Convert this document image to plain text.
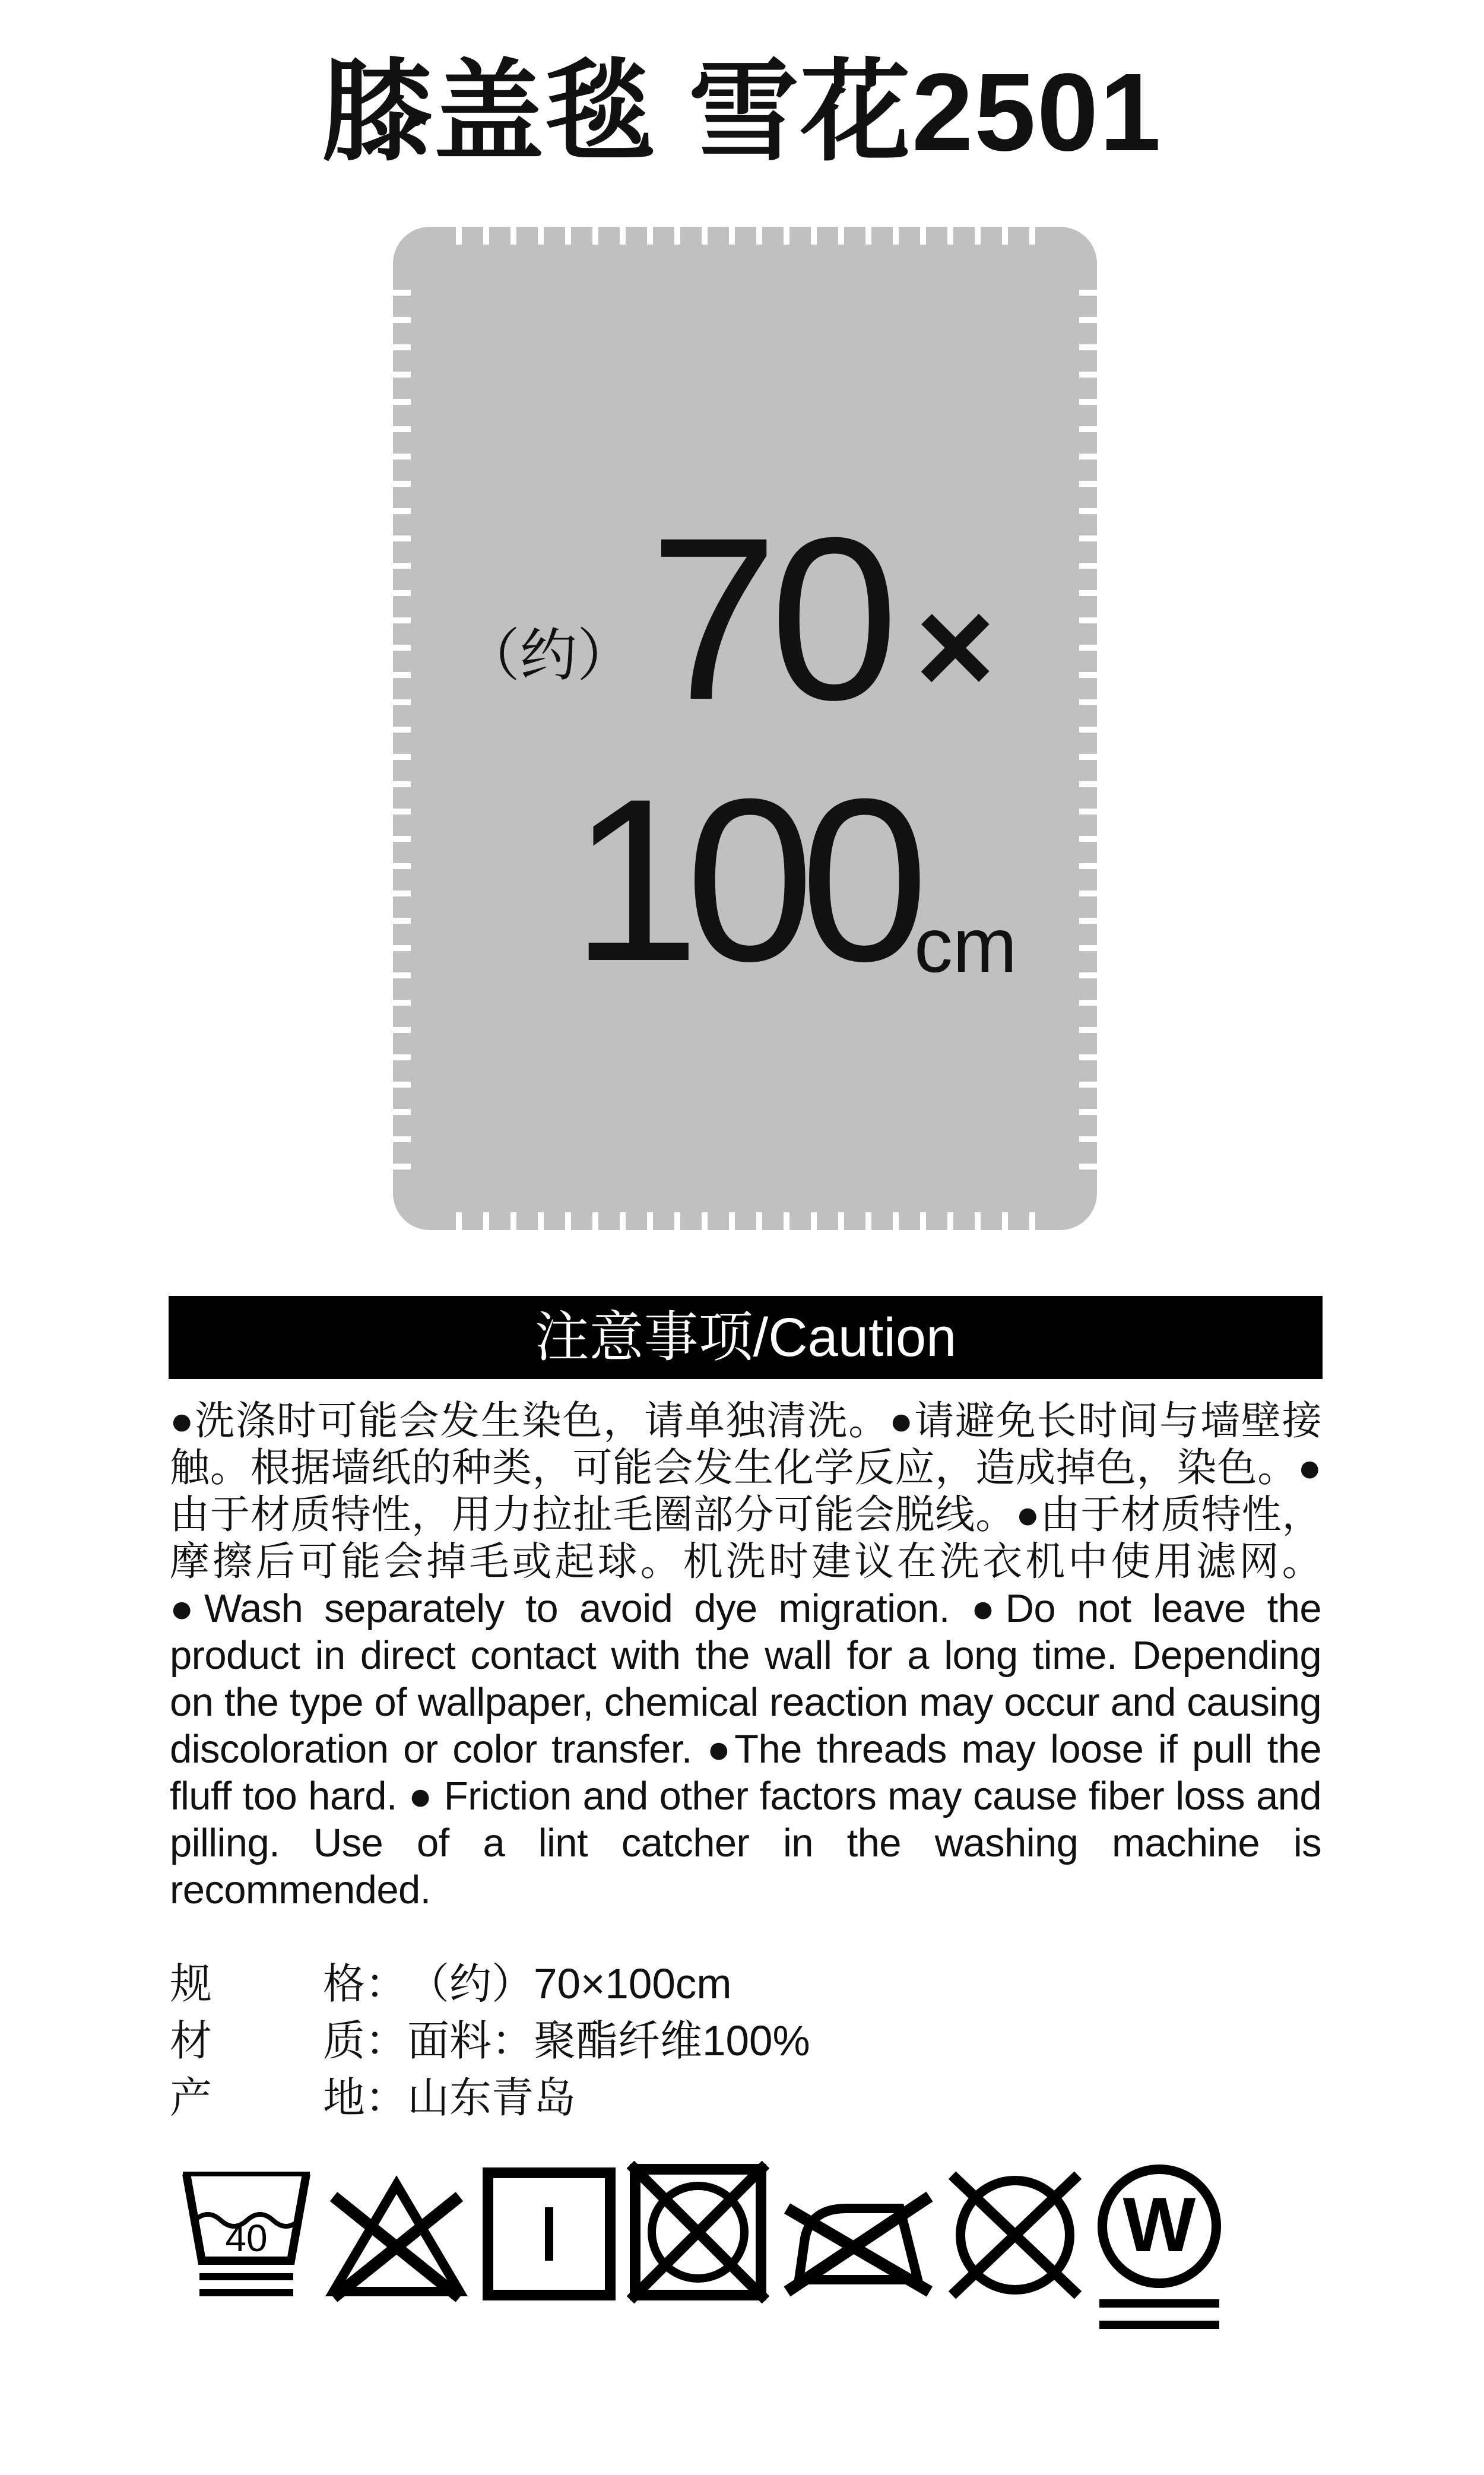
膝盖毯 雪花2501
（约） 70 ×
100 cm
注意事项/Caution
●洗涤时可能会发生染色，请单独清洗。●请避免长时间与墙壁接触。根据墙纸的种类，可能会发生化学反应，造成掉色，染色。●由于材质特性，用力拉扯毛圈部分可能会脱线。●由于材质特性，摩擦后可能会掉毛或起球。机洗时建议在洗衣机中使用滤网。●Wash separately to avoid dye migration. ●Do not leave the product in direct contact with the wall for a long time. Depending on the type of wallpaper, chemical reaction may occur and causing discoloration or color transfer. ●The threads may loose if pull the fluff too hard. ● Friction and other factors may cause fiber loss and pilling. Use of a lint catcher in the washing machine is recommended.
规	格： （约）70×100cm
材	质： 面料：聚酯纤维100%
产	地： 山东青岛
40	W
